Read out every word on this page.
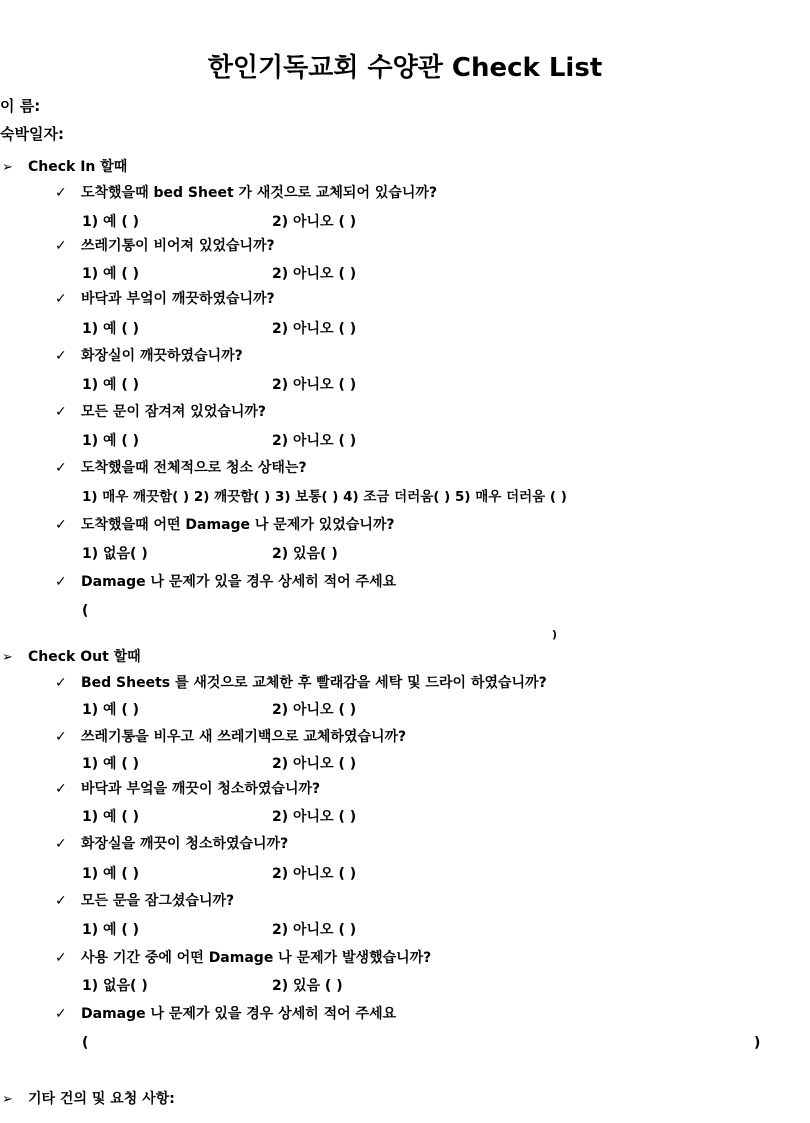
한인기독교회 수양관 Check List
이 름:
숙박일자:
➢ Check In 할때
✓ 도착했을때 bed Sheet 가 새것으로 교체되어 있습니까?
1) 예 ( )	2) 아니오 ( )
✓ 쓰레기통이 비어져 있었습니까?
1) 예 ( )	2) 아니오 ( )
✓ 바닥과 부엌이 깨끗하였습니까?
1) 예 ( )	2) 아니오 ( )
✓ 화장실이 깨끗하였습니까?
1) 예 ( )	2) 아니오 ( )
✓ 모든 문이 잠겨져 있었습니까?
1) 예 ( )	2) 아니오 ( )
✓ 도착했을때 전체적으로 청소 상태는?
1) 매우 깨끗함( ) 2) 깨끗함( ) 3) 보통( ) 4) 조금 더러움( ) 5) 매우 더러움 ( )
✓ 도착했을때 어떤 Damage 나 문제가 있었습니까?
1) 없음( )	2) 있음( )
✓ Damage 나 문제가 있을 경우 상세히 적어 주세요
(
)
➢ Check Out 할때
✓ Bed Sheets 를 새것으로 교체한 후 빨래감을 세탁 및 드라이 하였습니까?
1) 예 ( )	2) 아니오 ( )
✓ 쓰레기통을 비우고 새 쓰레기백으로 교체하였습니까?
1) 예 ( )	2) 아니오 ( )
✓ 바닥과 부엌을 깨끗이 청소하였습니까?
1) 예 ( )	2) 아니오 ( )
✓ 화장실을 깨끗이 청소하였습니까?
1) 예 ( )	2) 아니오 ( )
✓ 모든 문을 잠그셨습니까?
1) 예 ( )	2) 아니오 ( )
✓ 사용 기간 중에 어떤 Damage 나 문제가 발생했습니까?
1) 없음( )	2) 있음 ( )
✓ Damage 나 문제가 있을 경우 상세히 적어 주세요
(	)
➢ 기타 건의 및 요청 사항:
